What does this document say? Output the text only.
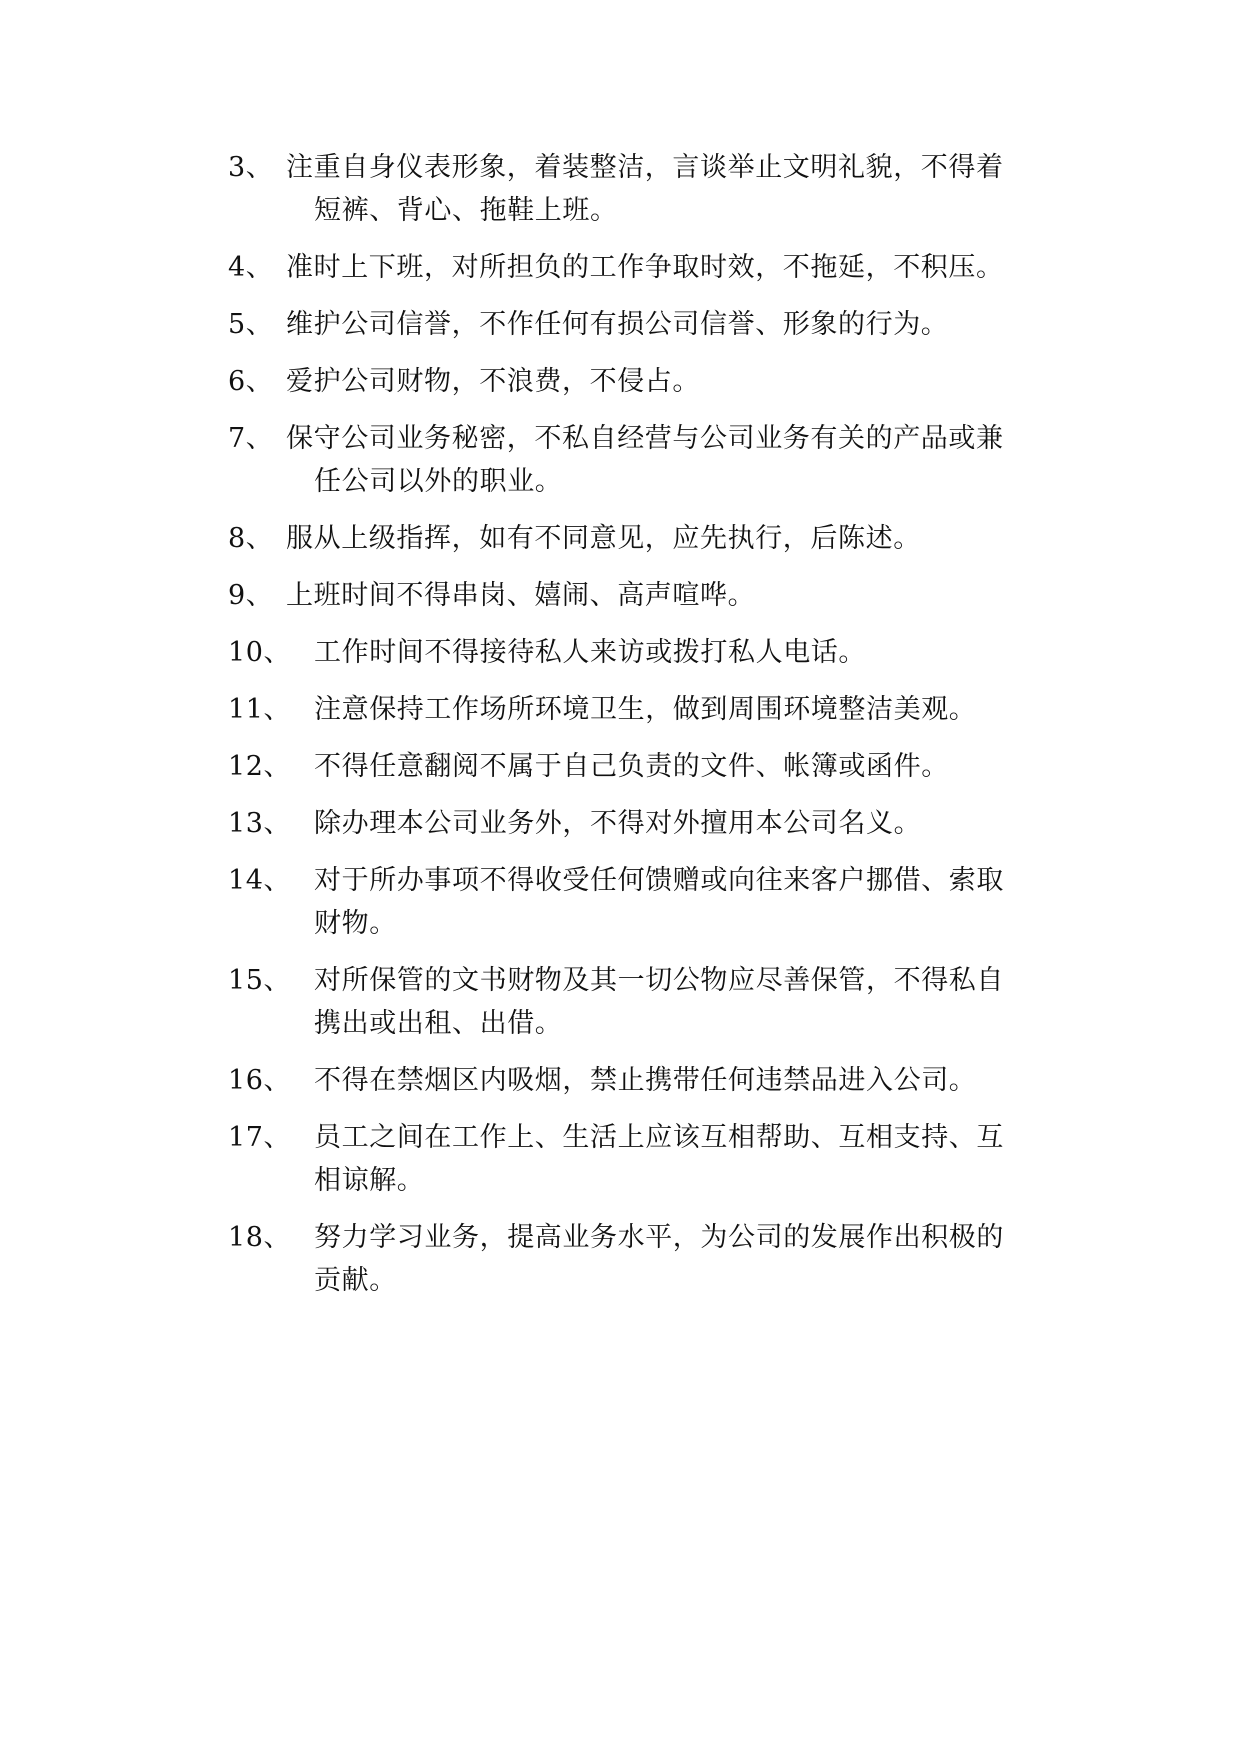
3、 注重自身仪表形象，着装整洁，言谈举止文明礼貌，不得着
短裤、背心、拖鞋上班。
4、 准时上下班，对所担负的工作争取时效，不拖延，不积压。
5、 维护公司信誉，不作任何有损公司信誉、形象的行为。
6、 爱护公司财物，不浪费，不侵占。
7、 保守公司业务秘密，不私自经营与公司业务有关的产品或兼
任公司以外的职业。
8、 服从上级指挥，如有不同意见，应先执行，后陈述。
9、 上班时间不得串岗、嬉闹、高声喧哗。
10、 工作时间不得接待私人来访或拨打私人电话。
11、 注意保持工作场所环境卫生，做到周围环境整洁美观。
12、 不得任意翻阅不属于自己负责的文件、帐簿或函件。
13、 除办理本公司业务外，不得对外擅用本公司名义。
14、 对于所办事项不得收受任何馈赠或向往来客户挪借、索取
财物。
15、 对所保管的文书财物及其一切公物应尽善保管，不得私自
携出或出租、出借。
16、 不得在禁烟区内吸烟，禁止携带任何违禁品进入公司。
17、 员工之间在工作上、生活上应该互相帮助、互相支持、互
相谅解。
18、 努力学习业务，提高业务水平，为公司的发展作出积极的
贡献。
